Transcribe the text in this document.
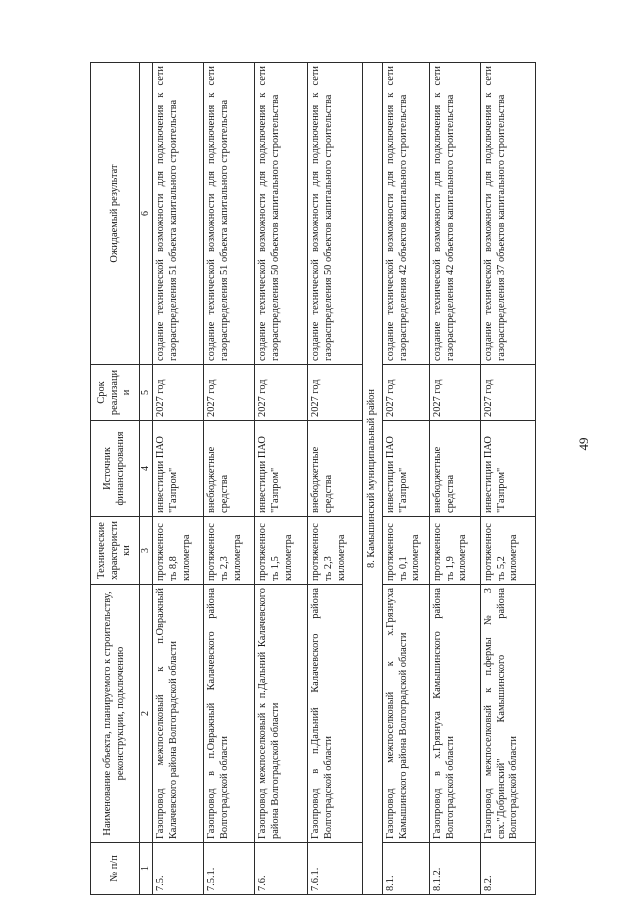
49
№ п/п	Наименование объекта, планируемого к строительству, реконструкции, подключению	Технические характеристики	Источник финансирования	Срок реализации	Ожидаемый результат
1	2	3	4	5	6
7.5.	Газопровод межпоселковый к п.Овражный Калачевского района Волгоградской области	протяженность 8,8 километра	инвестиции ПАО "Газпром"	2027 год	создание технической возможности для подключения к сети газораспределения 51 объекта капитального строительства
7.5.1.	Газопровод в п.Овражный Калачевского района Волгоградской области	протяженность 2,3 километра	внебюджетные средства	2027 год	создание технической возможности для подключения к сети газораспределения 51 объекта капитального строительства
7.6.	Газопровод межпоселковый к п.Дальний Калачевского района Волгоградской области	протяженность 1,5 километра	инвестиции ПАО "Газпром"	2027 год	создание технической возможности для подключения к сети газораспределения 50 объектов капитального строительства
7.6.1.	Газопровод в п.Дальний Калачевского района Волгоградской области	протяженность 2,3 километра	внебюджетные средства	2027 год	создание технической возможности для подключения к сети газораспределения 50 объектов капитального строительства
8. Камышинский муниципальный район					
8.1.	Газопровод межпоселковый к х.Грязнуха Камышинского района Волгоградской области	протяженность 0,1 километра	инвестиции ПАО "Газпром"	2027 год	создание технической возможности для подключения к сети газораспределения 42 объектов капитального строительства
8.1.2.	Газопровод в х.Грязнуха Камышинского района Волгоградской области	протяженность 1,9 километра	внебюджетные средства	2027 год	создание технической возможности для подключения к сети газораспределения 42 объектов капитального строительства
8.2.	Газопровод межпоселковый к п.фермы № 3 свх."Добринский" Камышинского района Волгоградской области	протяженность 5,2 километра	инвестиции ПАО "Газпром"	2027 год	создание технической возможности для подключения к сети газораспределения 37 объектов капитального строительства
